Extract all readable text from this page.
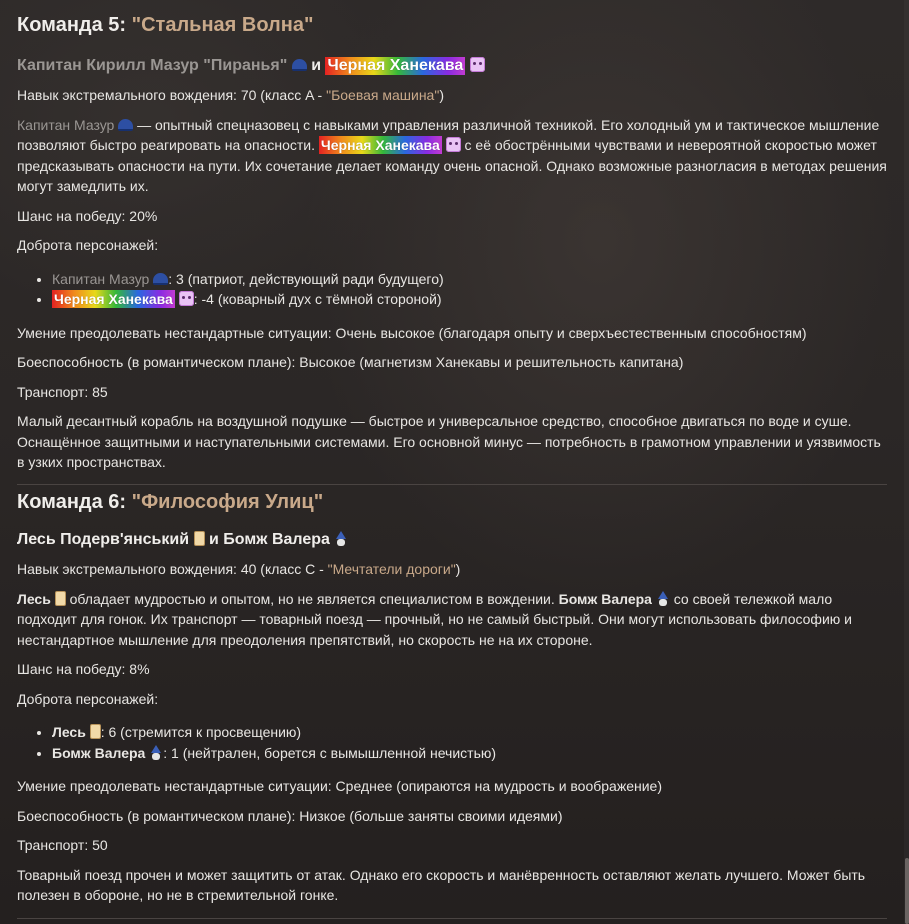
Команда 5: "Стальная Волна"
Капитан Кирилл Мазур "Пиранья" и Черная Ханекава

Навык экстремального вождения: 70 (класс A - "Боевая машина")

Капитан Мазур — опытный спецназовец с навыками управления различной техникой. Его холодный ум и тактическое мышление позволяют быстро реагировать на опасности. Черная Ханекава с её обострёнными чувствами и невероятной скоростью может предсказывать опасности на пути. Их сочетание делает команду очень опасной. Однако возможные разногласия в методах решения могут замедлить их.

Шанс на победу: 20%

Доброта персонажей:

• Капитан Мазур : 3 (патриот, действующий ради будущего)
• Черная Ханекава : -4 (коварный дух с тёмной стороной)

Умение преодолевать нестандартные ситуации: Очень высокое (благодаря опыту и сверхъестественным способностям)

Боеспособность (в романтическом плане): Высокое (магнетизм Ханекавы и решительность капитана)

Транспорт: 85

Малый десантный корабль на воздушной подушке — быстрое и универсальное средство, способное двигаться по воде и суше. Оснащённое защитными и наступательными системами. Его основной минус — потребность в грамотном управлении и уязвимость в узких пространствах.

Команда 6: "Философия Улиц"
Лесь Подерв'янський и Бомж Валера

Навык экстремального вождения: 40 (класс C - "Мечтатели дороги")

Лесь обладает мудростью и опытом, но не является специалистом в вождении. Бомж Валера со своей тележкой мало подходит для гонок. Их транспорт — товарный поезд — прочный, но не самый быстрый. Они могут использовать философию и нестандартное мышление для преодоления препятствий, но скорость не на их стороне.

Шанс на победу: 8%

Доброта персонажей:

• Лесь : 6 (стремится к просвещению)
• Бомж Валера : 1 (нейтрален, борется с вымышленной нечистью)

Умение преодолевать нестандартные ситуации: Среднее (опираются на мудрость и воображение)

Боеспособность (в романтическом плане): Низкое (больше заняты своими идеями)

Транспорт: 50

Товарный поезд прочен и может защитить от атак. Однако его скорость и манёвренность оставляют желать лучшего. Может быть полезен в обороне, но не в стремительной гонке.
